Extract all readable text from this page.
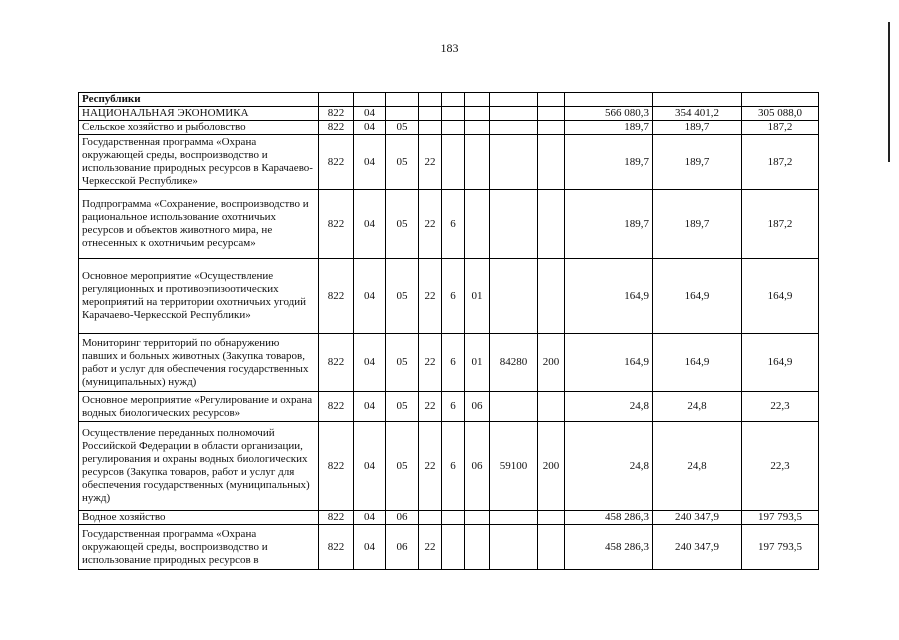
183
Республики											
НАЦИОНАЛЬНАЯ ЭКОНОМИКА	822	04							566 080,3	354 401,2	305 088,0
Сельское хозяйство и рыболовство	822	04	05						189,7	189,7	187,2
Государственная программа «Охрана окружающей среды, воспроизводство и использование природных ресурсов в Карачаево-Черкесской Республике»	822	04	05	22					189,7	189,7	187,2
Подпрограмма «Сохранение, воспроизводство и рациональное использование охотничьих ресурсов и объектов животного мира, не отнесенных к охотничьим ресурсам»	822	04	05	22	6				189,7	189,7	187,2
Основное мероприятие «Осуществление регуляционных и противоэпизоотических мероприятий на территории охотничьих угодий Карачаево-Черкесской Республики»	822	04	05	22	6	01			164,9	164,9	164,9
Мониторинг территорий по обнаружению павших и больных животных (Закупка товаров, работ и услуг для обеспечения государственных (муниципальных) нужд)	822	04	05	22	6	01	84280	200	164,9	164,9	164,9
Основное мероприятие «Регулирование и охрана водных биологических ресурсов»	822	04	05	22	6	06			24,8	24,8	22,3
Осуществление переданных полномочий Российской Федерации в области организации, регулирования и охраны водных биологических ресурсов (Закупка товаров, работ и услуг для обеспечения государственных (муниципальных) нужд)	822	04	05	22	6	06	59100	200	24,8	24,8	22,3
Водное хозяйство	822	04	06						458 286,3	240 347,9	197 793,5
Государственная программа «Охрана окружающей среды, воспроизводство и использование природных ресурсов в	822	04	06	22					458 286,3	240 347,9	197 793,5
